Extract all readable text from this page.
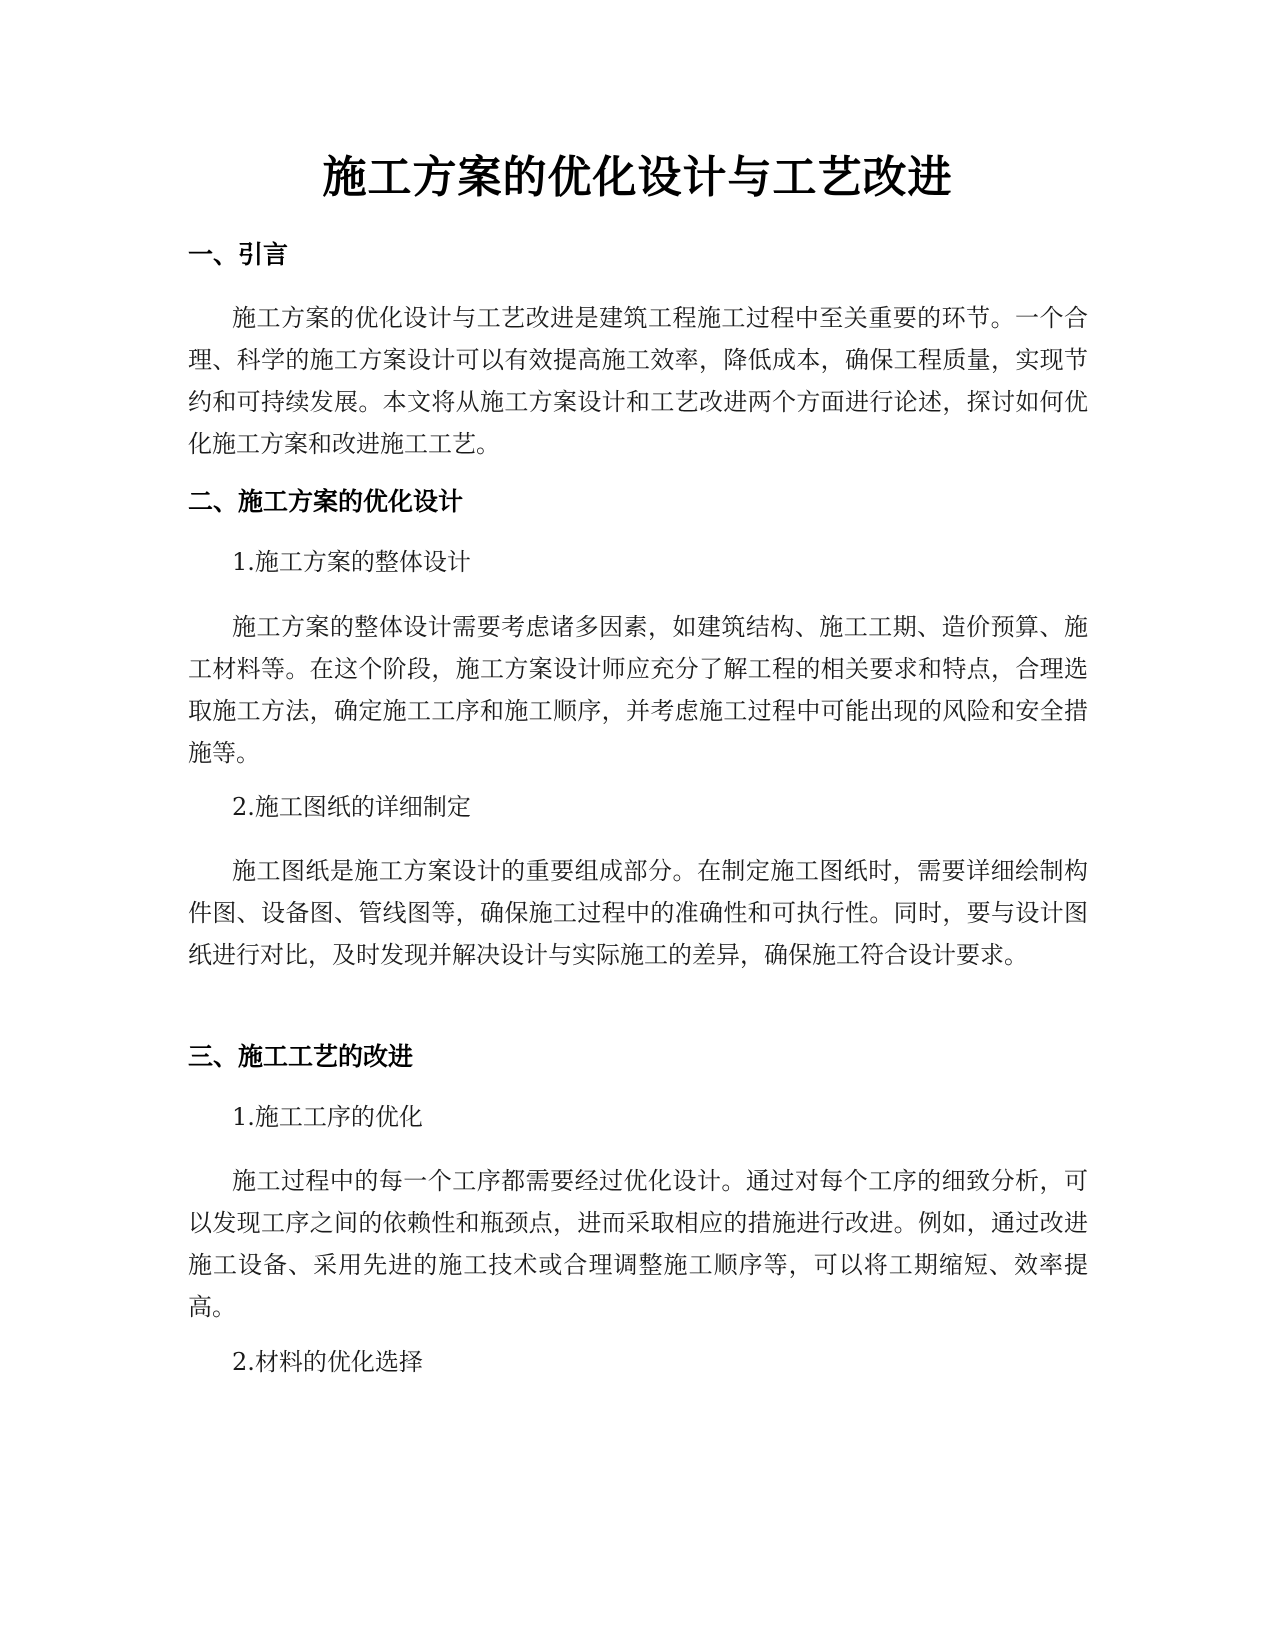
施工方案的优化设计与工艺改进
一、引言

施工方案的优化设计与工艺改进是建筑工程施工过程中至关重要的环节。一个合理、科学的施工方案设计可以有效提高施工效率，降低成本，确保工程质量，实现节约和可持续发展。本文将从施工方案设计和工艺改进两个方面进行论述，探讨如何优化施工方案和改进施工工艺。

二、施工方案的优化设计

1.施工方案的整体设计

施工方案的整体设计需要考虑诸多因素，如建筑结构、施工工期、造价预算、施工材料等。在这个阶段，施工方案设计师应充分了解工程的相关要求和特点，合理选取施工方法，确定施工工序和施工顺序，并考虑施工过程中可能出现的风险和安全措施等。

2.施工图纸的详细制定

施工图纸是施工方案设计的重要组成部分。在制定施工图纸时，需要详细绘制构件图、设备图、管线图等，确保施工过程中的准确性和可执行性。同时，要与设计图纸进行对比，及时发现并解决设计与实际施工的差异，确保施工符合设计要求。

三、施工工艺的改进

1.施工工序的优化

施工过程中的每一个工序都需要经过优化设计。通过对每个工序的细致分析，可以发现工序之间的依赖性和瓶颈点，进而采取相应的措施进行改进。例如，通过改进施工设备、采用先进的施工技术或合理调整施工顺序等，可以将工期缩短、效率提高。

2.材料的优化选择
